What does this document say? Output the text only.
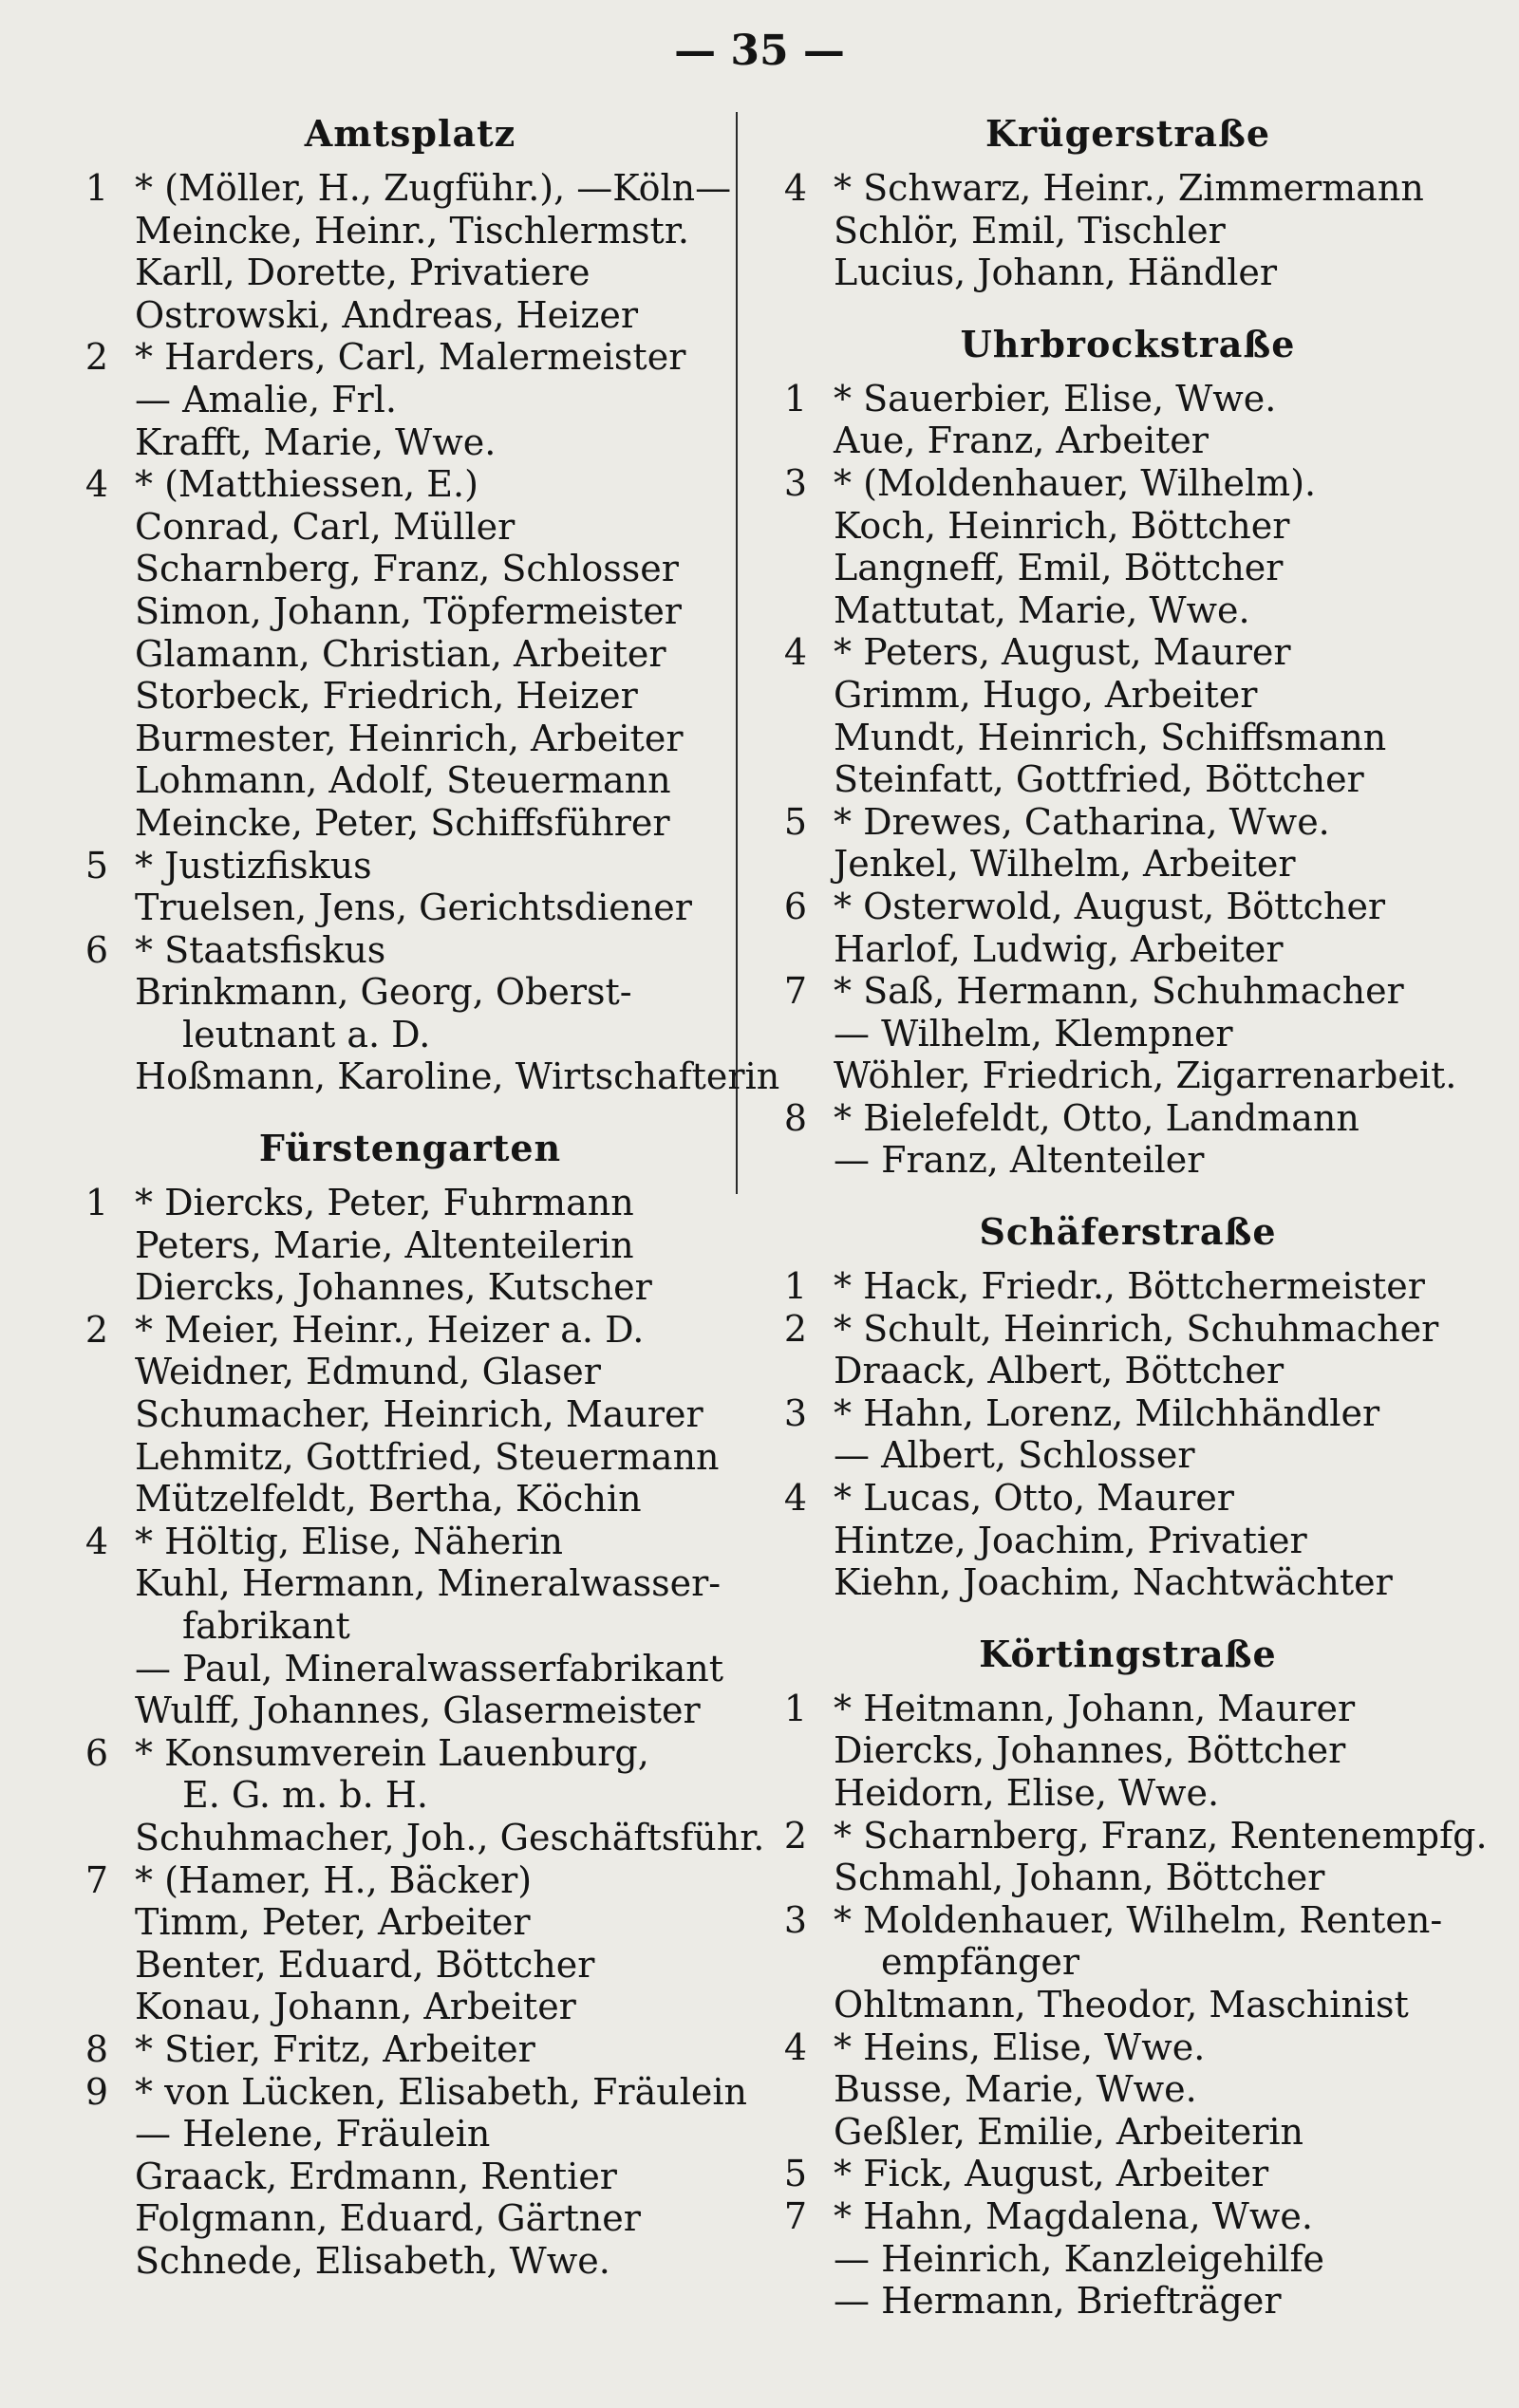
— 35 —
Amtsplatz
1 * (Möller, H., Zugführ.), —Köln—
Meincke, Heinr., Tischlermstr.
Karll, Dorette, Privatiere
Ostrowski, Andreas, Heizer
2 * Harders, Carl, Malermeister
— Amalie, Frl.
Krafft, Marie, Wwe.
4 * (Matthiessen, E.)
Conrad, Carl, Müller
Scharnberg, Franz, Schlosser
Simon, Johann, Töpfermeister
Glamann, Christian, Arbeiter
Storbeck, Friedrich, Heizer
Burmester, Heinrich, Arbeiter
Lohmann, Adolf, Steuermann
Meincke, Peter, Schiffsführer
5 * Justizfiskus
Truelsen, Jens, Gerichtsdiener
6 * Staatsfiskus
Brinkmann, Georg, Oberst-
leutnant a. D.
Hoßmann, Karoline, Wirtschafterin
Fürstengarten
1 * Diercks, Peter, Fuhrmann
Peters, Marie, Altenteilerin
Diercks, Johannes, Kutscher
2 * Meier, Heinr., Heizer a. D.
Weidner, Edmund, Glaser
Schumacher, Heinrich, Maurer
Lehmitz, Gottfried, Steuermann
Mützelfeldt, Bertha, Köchin
4 * Höltig, Elise, Näherin
Kuhl, Hermann, Mineralwasser-
fabrikant
— Paul, Mineralwasserfabrikant
Wulff, Johannes, Glasermeister
6 * Konsumverein Lauenburg,
E. G. m. b. H.
Schuhmacher, Joh., Geschäftsführ.
7 * (Hamer, H., Bäcker)
Timm, Peter, Arbeiter
Benter, Eduard, Böttcher
Konau, Johann, Arbeiter
8 * Stier, Fritz, Arbeiter
9 * von Lücken, Elisabeth, Fräulein
— Helene, Fräulein
Graack, Erdmann, Rentier
Folgmann, Eduard, Gärtner
Schnede, Elisabeth, Wwe.
Krügerstraße
4 * Schwarz, Heinr., Zimmermann
Schlör, Emil, Tischler
Lucius, Johann, Händler
Uhrbrockstraße
1 * Sauerbier, Elise, Wwe.
Aue, Franz, Arbeiter
3 * (Moldenhauer, Wilhelm).
Koch, Heinrich, Böttcher
Langneff, Emil, Böttcher
Mattutat, Marie, Wwe.
4 * Peters, August, Maurer
Grimm, Hugo, Arbeiter
Mundt, Heinrich, Schiffsmann
Steinfatt, Gottfried, Böttcher
5 * Drewes, Catharina, Wwe.
Jenkel, Wilhelm, Arbeiter
6 * Osterwold, August, Böttcher
Harlof, Ludwig, Arbeiter
7 * Saß, Hermann, Schuhmacher
— Wilhelm, Klempner
Wöhler, Friedrich, Zigarrenarbeit.
8 * Bielefeldt, Otto, Landmann
— Franz, Altenteiler
Schäferstraße
1 * Hack, Friedr., Böttchermeister
2 * Schult, Heinrich, Schuhmacher
Draack, Albert, Böttcher
3 * Hahn, Lorenz, Milchhändler
— Albert, Schlosser
4 * Lucas, Otto, Maurer
Hintze, Joachim, Privatier
Kiehn, Joachim, Nachtwächter
Körtingstraße
1 * Heitmann, Johann, Maurer
Diercks, Johannes, Böttcher
Heidorn, Elise, Wwe.
2 * Scharnberg, Franz, Rentenempfg.
Schmahl, Johann, Böttcher
3 * Moldenhauer, Wilhelm, Renten-
empfänger
Ohltmann, Theodor, Maschinist
4 * Heins, Elise, Wwe.
Busse, Marie, Wwe.
Geßler, Emilie, Arbeiterin
5 * Fick, August, Arbeiter
7 * Hahn, Magdalena, Wwe.
— Heinrich, Kanzleigehilfe
— Hermann, Briefträger
